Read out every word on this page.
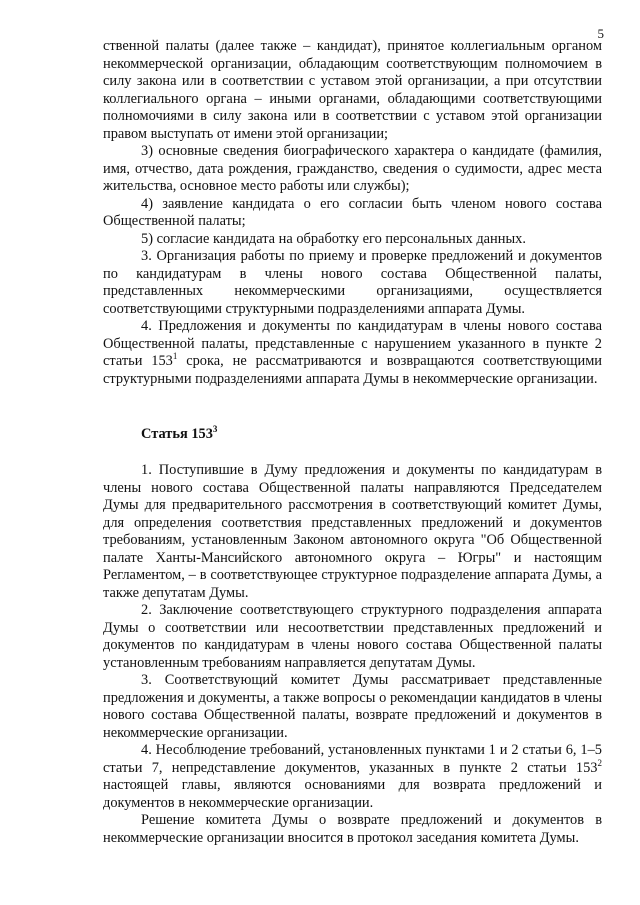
5

ственной палаты (далее также – кандидат), принятое коллегиальным органом некоммерческой организации, обладающим соответствующим полномочием в силу закона или в соответствии с уставом этой организации, а при отсутствии коллегиального органа – иными органами, обладающими соответствующими полномочиями в силу закона или в соответствии с уставом этой организации правом выступать от имени этой организации;

3) основные сведения биографического характера о кандидате (фамилия, имя, отчество, дата рождения, гражданство, сведения о судимости, адрес места жительства, основное место работы или службы);

4) заявление кандидата о его согласии быть членом нового состава Общественной палаты;

5) согласие кандидата на обработку его персональных данных.

3. Организация работы по приему и проверке предложений и документов по кандидатурам в члены нового состава Общественной палаты, представленных некоммерческими организациями, осуществляется соответствующими структурными подразделениями аппарата Думы.

4. Предложения и документы по кандидатурам в члены нового состава Общественной палаты, представленные с нарушением указанного в пункте 2 статьи $153^1$ срока, не рассматриваются и возвращаются соответствующими структурными подразделениями аппарата Думы в некоммерческие организации.

Статья $153^3$

1. Поступившие в Думу предложения и документы по кандидатурам в члены нового состава Общественной палаты направляются Председателем Думы для предварительного рассмотрения в соответствующий комитет Думы, для определения соответствия представленных предложений и документов требованиям, установленным Законом автономного округа "Об Общественной палате Ханты-Мансийского автономного округа – Югры" и настоящим Регламентом, – в соответствующее структурное подразделение аппарата Думы, а также депутатам Думы.

2. Заключение соответствующего структурного подразделения аппарата Думы о соответствии или несоответствии представленных предложений и документов по кандидатурам в члены нового состава Общественной палаты установленным требованиям направляется депутатам Думы.

3. Соответствующий комитет Думы рассматривает представленные предложения и документы, а также вопросы о рекомендации кандидатов в члены нового состава Общественной палаты, возврате предложений и документов в некоммерческие организации.

4. Несоблюдение требований, установленных пунктами 1 и 2 статьи 6, 1–5 статьи 7, непредставление документов, указанных в пункте 2 статьи $153^2$ настоящей главы, являются основаниями для возврата предложений и документов в некоммерческие организации.

Решение комитета Думы о возврате предложений и документов в некоммерческие организации вносится в протокол заседания комитета Думы.
